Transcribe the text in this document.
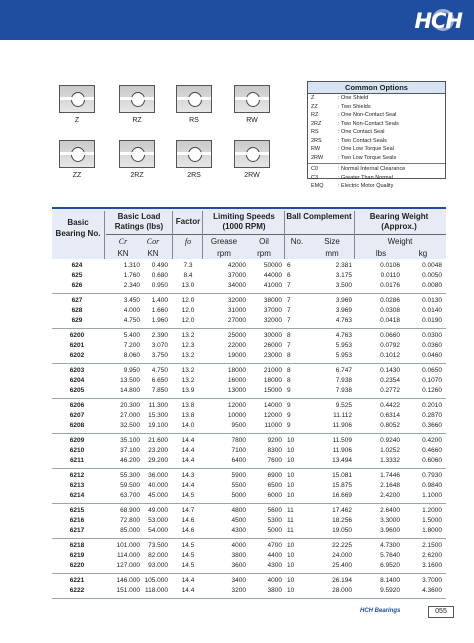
HCH
Z	RZ	RS	RW
ZZ	2RZ	2RS	2RW
Common Options
Z	: One Shield
ZZ	: Two Shields
RZ	: One Non-Contact Seal
2RZ	: Two Non-Contact Seals
RS	: One Contact Seal
2RS	: Two Contact Seals
RW	: One Low Torque Seal
2RW	: Two Low Torque Seals
C0	: Normal Internal Clearance
C3	: Greater Than Normal
EMQ	: Electric Motor Quality
Basic Bearing No.
Basic Load Ratings (lbs)
Factor
Limiting Speeds (1000 RPM)
Ball Complement	Bearing Weight (Approx.)
Cr	Cor	fo	Grease	Oil	No.	Size	Weight
KN	KN	rpm	rpm	mm	lbs	kg
624	1.310	0.490	7.3	42000	50000 6	2.381	0.0106	0.0048
625	1.760	0.680	8.4	37000	44000 6	3.175	0.0110	0.0050
626	2.340	0.950	13.0	34000	41000 7	3.500	0.0176	0.0080
627	3.450	1.400	12.0	32000	38000 7	3.969	0.0286	0.0130
628	4.000	1.660	12.0	31000	37000 7	3.969	0.0308	0.0140
629	4.750	1.960	12.0	27000	32000 7	4.763	0.0418	0.0190
6200	5.400	2.390	13.2	25000	30000 8	4.763	0.0660	0.0300
6201	7.200	3.070	12.3	22000	26000 7	5.953	0.0792	0.0360
6202	8.060	3.750	13.2	19000	23000 8	5.953	0.1012	0.0460
6203	9.950	4.750	13.2	18000	21000 8	6.747	0.1430	0.0650
6204	13.500	6.650	13.2	16000	18000 8	7.938	0.2354	0.1070
6205	14.800	7.850	13.9	13000	15000 9	7.938	0.2772	0.1260
6206	20.300	11.300	13.8	12000	14000 9	9.525	0.4422	0.2010
6207	27.000	15.300	13.8	10000	12000 9	11.112	0.6314	0.2870
6208	32.500	19.100	14.0	9500	11000 9	11.906	0.8052	0.3660
6209	35.100	21.600	14.4	7800	9200 10	11.509	0.9240	0.4200
6210	37.100	23.200	14.4	7100	8300 10	11.906	1.0252	0.4660
6211	46.200	29.200	14.4	6400	7600 10	13.494	1.3332	0.6060
6212	55.300	36.000	14.3	5900	6900 10	15.081	1.7446	0.7930
6213	59.500	40.000	14.4	5500	6500 10	15.875	2.1648	0.9840
6214	63.700	45.000	14.5	5000	6000 10	16.669	2.4200	1.1000
6215	68.900	49.000	14.7	4800	5600 11	17.462	2.6400	1.2000
6216	72.800	53.000	14.6	4500	5300 11	18.256	3.3000	1.5000
6217	85.000	54.000	14.6	4300	5000 11	19.050	3.9600	1.8000
6218	101.000	73.500	14.5	4000	4700 10	22.225	4.7300	2.1500
6219	114.000	82.000	14.5	3800	4400 10	24.000	5.7640	2.6200
6220	127.000	93.000	14.5	3600	4300 10	25.400	6.9520	3.1600
6221	146.000 105.000	14.4	3400	4000 10	26.194	8.1400	3.7000
6222	151.000 118.000	14.4	3200	3800 10	28.000	9.5920	4.3600
HCH Bearings	055
